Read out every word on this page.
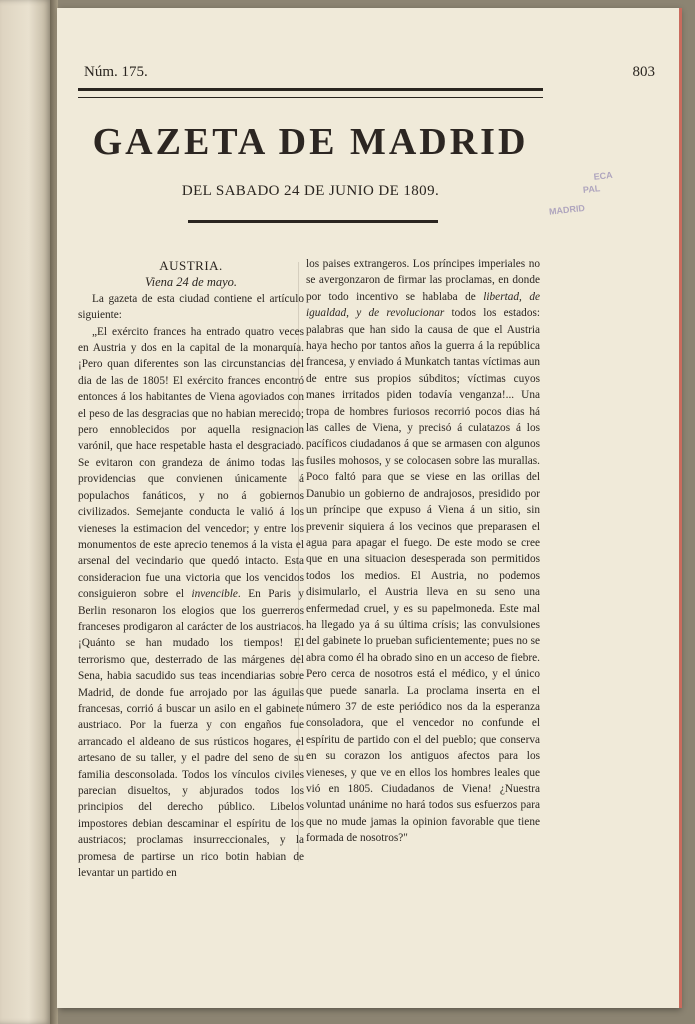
Núm. 175.	803
GAZETA DE MADRID
DEL SABADO 24 DE JUNIO DE 1809.
ECA
PAL
MADRID

AUSTRIA.

Viena 24 de mayo.

La gazeta de esta ciudad contiene el artículo siguiente:

„El exército frances ha entrado quatro veces en Austria y dos en la capital de la monarquía. ¡Pero quan diferentes son las circunstancias del dia de las de 1805! El exército frances encontró entonces á los habitantes de Viena agoviados con el peso de las desgracias que no habian merecido; pero ennoblecidos por aquella resignacion varónil, que hace respetable hasta el desgraciado. Se evitaron con grandeza de ánimo todas las providencias que convienen únicamente á populachos fanáticos, y no á gobiernos civilizados. Semejante conducta le valió á los vieneses la estimacion del vencedor; y entre los monumentos de este aprecio tenemos á la vista el arsenal del vecindario que quedó intacto. Esta consideracion fue una victoria que los vencidos consiguieron sobre el invencible. En Paris y Berlin resonaron los elogios que los guerreros franceses prodigaron al carácter de los austriacos. ¡Quánto se han mudado los tiempos! El terrorismo que, desterrado de las márgenes del Sena, habia sacudido sus teas incendiarias sobre Madrid, de donde fue arrojado por las águilas francesas, corrió á buscar un asilo en el gabinete austriaco. Por la fuerza y con engaños fue arrancado el aldeano de sus rústicos hogares, el artesano de su taller, y el padre del seno de su familia desconsolada. Todos los vínculos civiles parecian disueltos, y abjurados todos los principios del derecho público. Libelos impostores debian descaminar el espíritu de los austriacos; proclamas insurreccionales, y la promesa de partirse un rico botin habian de levantar un partido en

los paises extrangeros. Los príncipes imperiales no se avergonzaron de firmar las proclamas, en donde por todo incentivo se hablaba de libertad, de igualdad, y de revolucionar todos los estados: palabras que han sido la causa de que el Austria haya hecho por tantos años la guerra á la república francesa, y enviado á Munkatch tantas víctimas aun de entre sus propios súbditos; víctimas cuyos manes irritados piden todavía venganza!... Una tropa de hombres furiosos recorrió pocos dias há las calles de Viena, y precisó á culatazos á los pacíficos ciudadanos á que se armasen con algunos fusiles mohosos, y se colocasen sobre las murallas. Poco faltó para que se viese en las orillas del Danubio un gobierno de andrajosos, presidido por un príncipe que expuso á Viena á un sitio, sin prevenir siquiera á los vecinos que preparasen el agua para apagar el fuego. De este modo se cree que en una situacion desesperada son permitidos todos los medios. El Austria, no podemos disimularlo, el Austria lleva en su seno una enfermedad cruel, y es su papelmoneda. Este mal ha llegado ya á su última crísis; las convulsiones del gabinete lo prueban suficientemente; pues no se abra como él ha obrado sino en un acceso de fiebre. Pero cerca de nosotros está el médico, y el único que puede sanarla. La proclama inserta en el número 37 de este periódico nos da la esperanza consoladora, que el vencedor no confunde el espíritu de partido con el del pueblo; que conserva en su corazon los antiguos afectos para los vieneses, y que ve en ellos los hombres leales que vió en 1805. Ciudadanos de Viena! ¿Nuestra voluntad unánime no hará todos sus esfuerzos para que no mude jamas la opinion favorable que tiene formada de nosotros?"
